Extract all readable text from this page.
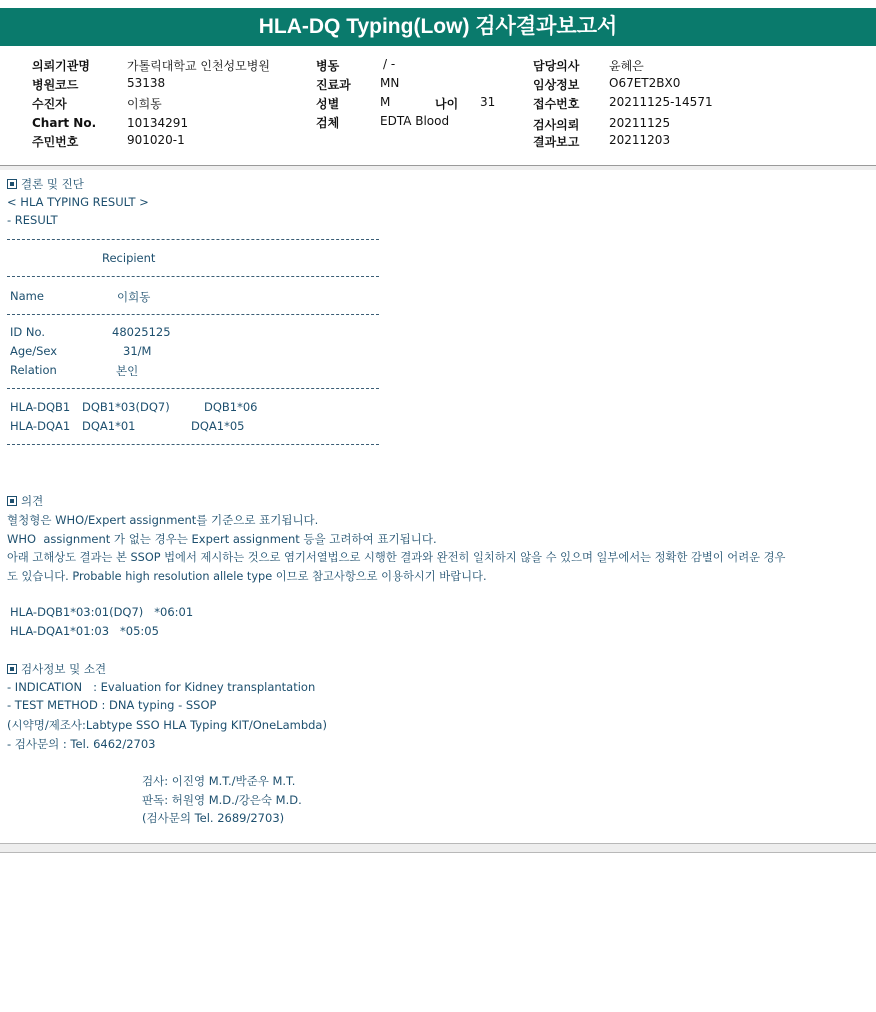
HLA-DQ Typing(Low) 검사결과보고서
의뢰기관명	가톨릭대학교 인천성모병원
병원코드	53138
수진자	이희동
Chart No.	10134291
주민번호	901020-1
병동	/ -
진료과 MN
성별	M	나이 31
검체	EDTA Blood
담당의사 윤혜은
임상정보 O67ET2BX0
접수번호 20211125-14571
검사의뢰 20211125
결과보고 20211203
결론 및 진단
< HLA TYPING RESULT >
- RESULT
Recipient
Name	이희동
ID No.	48025125
Age/Sex	31/M
Relation	본인
HLA-DQB1 DQB1*03(DQ7)	DQB1*06
HLA-DQA1 DQA1*01	DQA1*05
의견
혈청형은 WHO/Expert assignment를 기준으로 표기됩니다.
WHO  assignment 가 없는 경우는 Expert assignment 등을 고려하여 표기됩니다.
아래 고해상도 결과는 본 SSOP 법에서 제시하는 것으로 염기서열법으로 시행한 결과와 완전히 일치하지 않을 수 있으며 일부에서는 정확한 감별이 어려운 경우
도 있습니다. Probable high resolution allele type 이므로 참고사항으로 이용하시기 바랍니다.
HLA-DQB1*03:01(DQ7)   *06:01
HLA-DQA1*01:03   *05:05
검사정보 및 소견
- INDICATION   : Evaluation for Kidney transplantation
- TEST METHOD : DNA typing - SSOP
(시약명/제조사:Labtype SSO HLA Typing KIT/OneLambda)
- 검사문의 : Tel. 6462/2703
검사: 이진영 M.T./박준우 M.T.
판독: 허원영 M.D./강은숙 M.D.
(검사문의 Tel. 2689/2703)
